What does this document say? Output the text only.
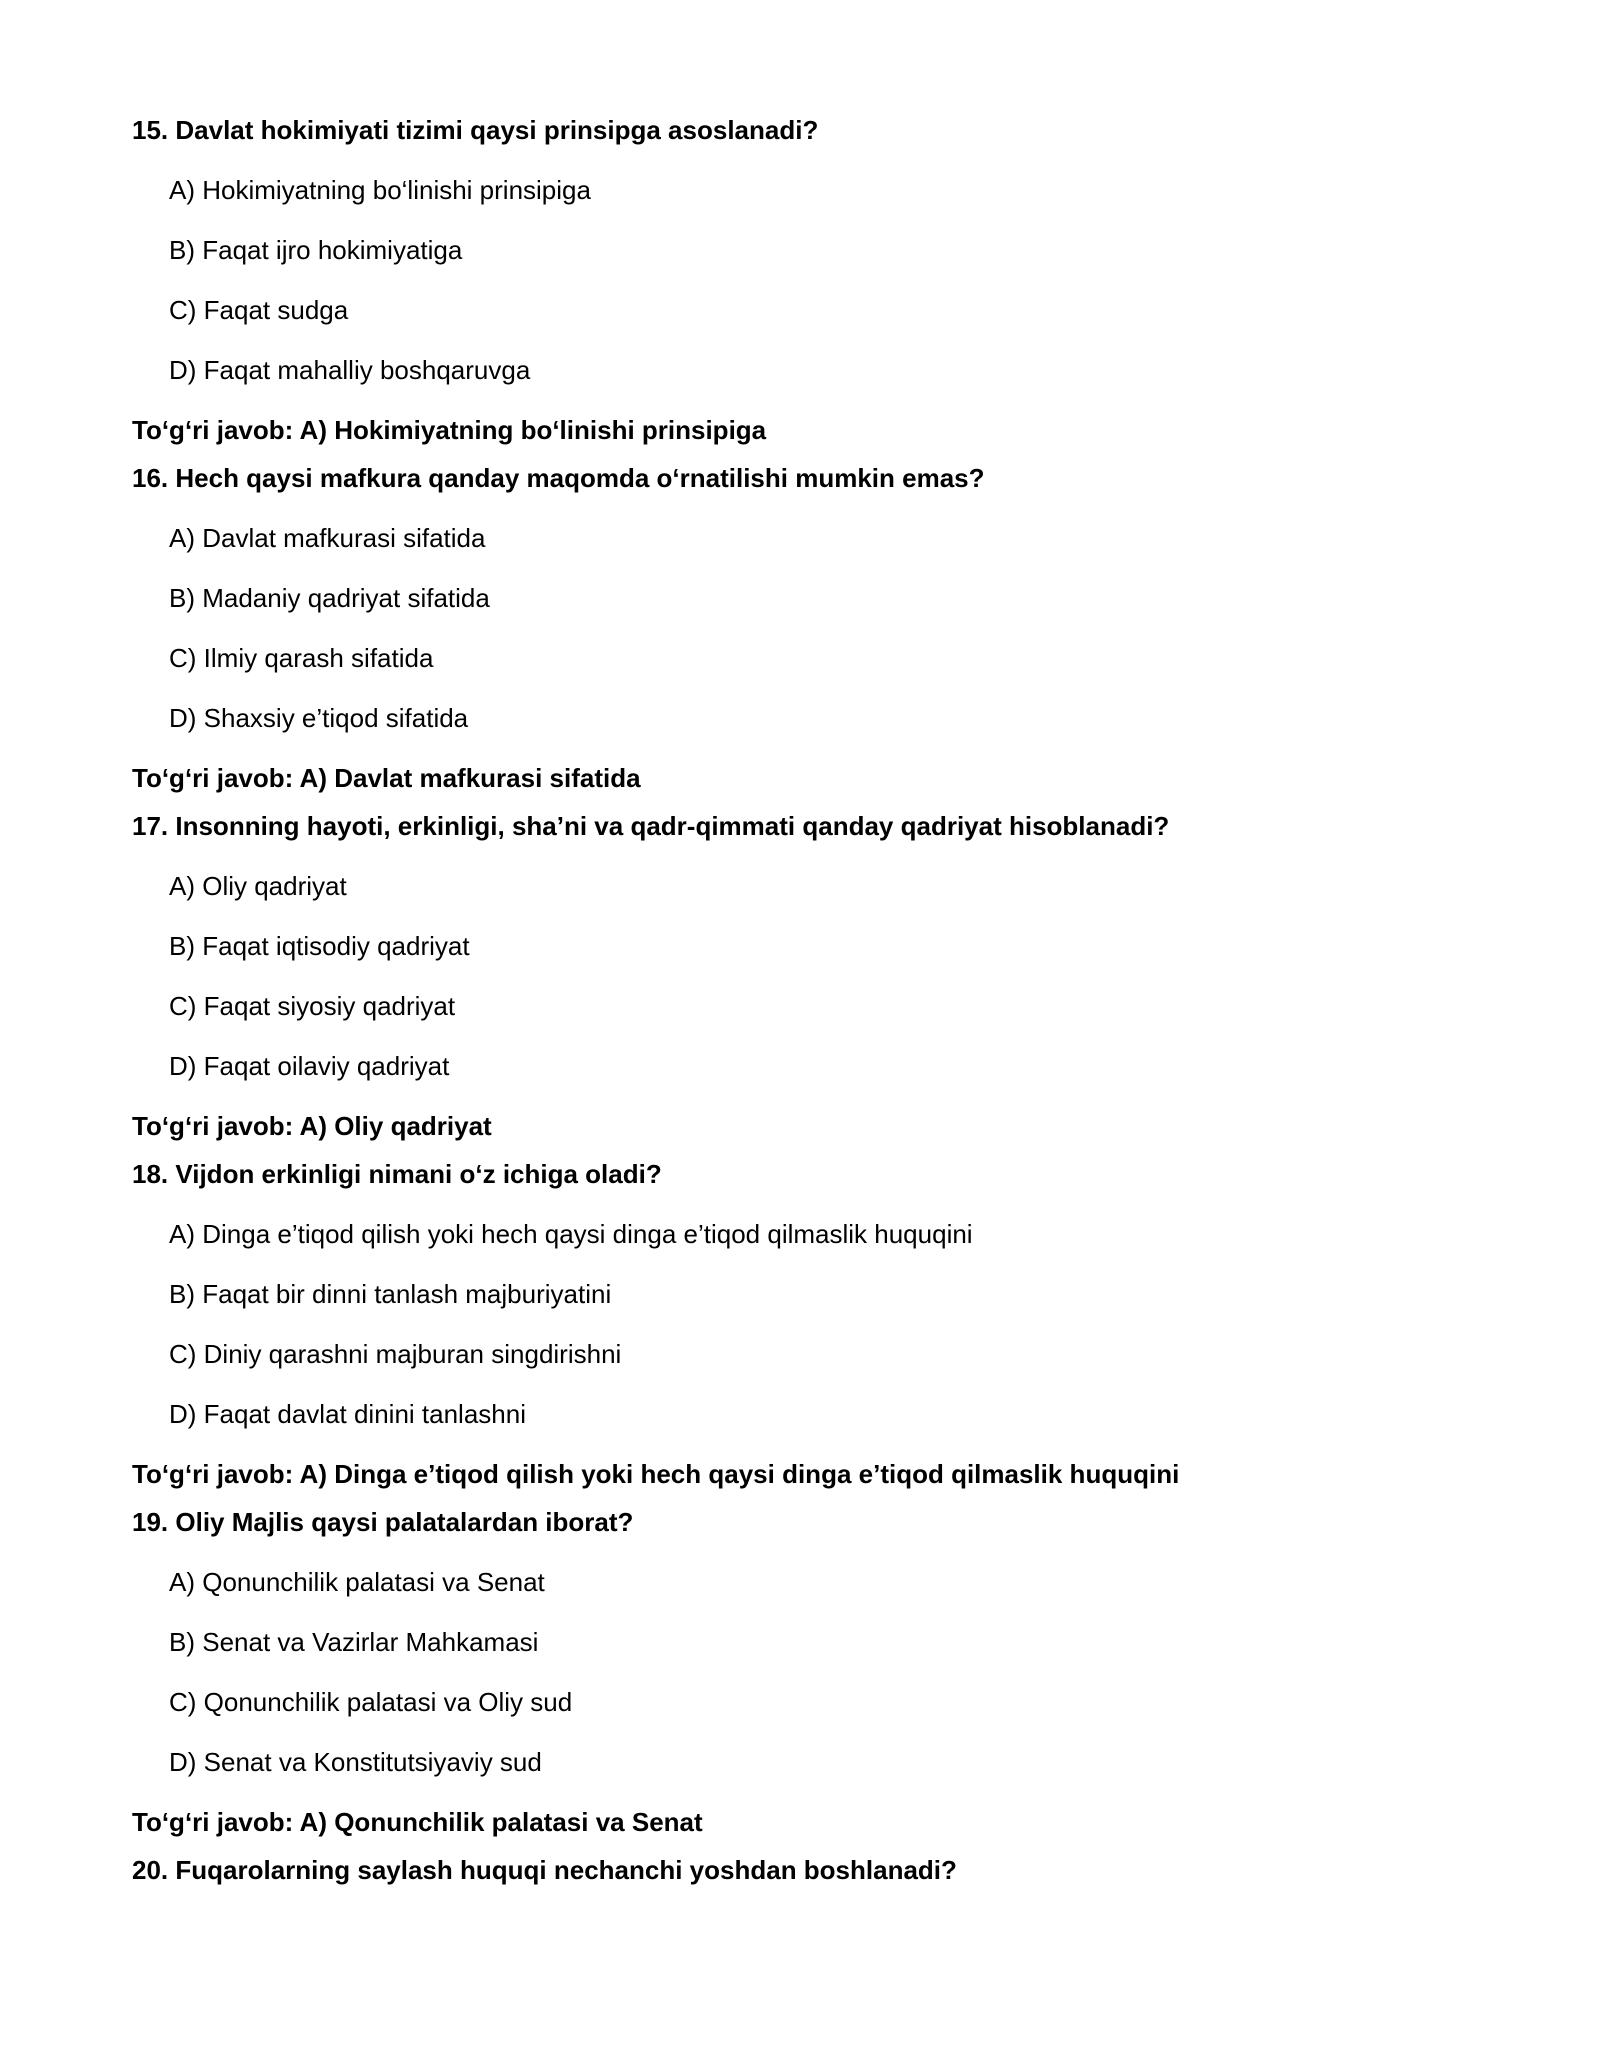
15. Davlat hokimiyati tizimi qaysi prinsipga asoslanadi?
A) Hokimiyatning bo‘linishi prinsipiga
B) Faqat ijro hokimiyatiga
C) Faqat sudga
D) Faqat mahalliy boshqaruvga
To‘g‘ri javob: A) Hokimiyatning bo‘linishi prinsipiga
16. Hech qaysi mafkura qanday maqomda o‘rnatilishi mumkin emas?
A) Davlat mafkurasi sifatida
B) Madaniy qadriyat sifatida
C) Ilmiy qarash sifatida
D) Shaxsiy e’tiqod sifatida
To‘g‘ri javob: A) Davlat mafkurasi sifatida
17. Insonning hayoti, erkinligi, sha’ni va qadr-qimmati qanday qadriyat hisoblanadi?
A) Oliy qadriyat
B) Faqat iqtisodiy qadriyat
C) Faqat siyosiy qadriyat
D) Faqat oilaviy qadriyat
To‘g‘ri javob: A) Oliy qadriyat
18. Vijdon erkinligi nimani o‘z ichiga oladi?
A) Dinga e’tiqod qilish yoki hech qaysi dinga e’tiqod qilmaslik huquqini
B) Faqat bir dinni tanlash majburiyatini
C) Diniy qarashni majburan singdirishni
D) Faqat davlat dinini tanlashni
To‘g‘ri javob: A) Dinga e’tiqod qilish yoki hech qaysi dinga e’tiqod qilmaslik huquqini
19. Oliy Majlis qaysi palatalardan iborat?
A) Qonunchilik palatasi va Senat
B) Senat va Vazirlar Mahkamasi
C) Qonunchilik palatasi va Oliy sud
D) Senat va Konstitutsiyaviy sud
To‘g‘ri javob: A) Qonunchilik palatasi va Senat
20. Fuqarolarning saylash huquqi nechanchi yoshdan boshlanadi?
